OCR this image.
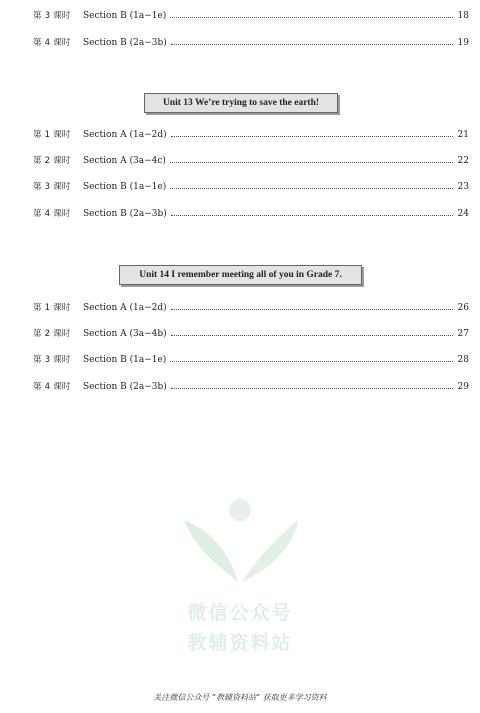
第 3 课时	Section B (1a−1e)	18
第 4 课时	Section B (2a−3b)	19
Unit 13 We’re trying to save the earth!
第 1 课时	Section A (1a−2d)	21
第 2 课时	Section A (3a−4c)	22
第 3 课时	Section B (1a−1e)	23
第 4 课时	Section B (2a−3b)	24
Unit 14 I remember meeting all of you in Grade 7.
第 1 课时	Section A (1a−2d)	26
第 2 课时	Section A (3a−4b)	27
第 3 课时	Section B (1a−1e)	28
第 4 课时	Section B (2a−3b)	29
微信公众号
教辅资料站
关注微信公众号 “教辅资料站” 获取更多学习资料
